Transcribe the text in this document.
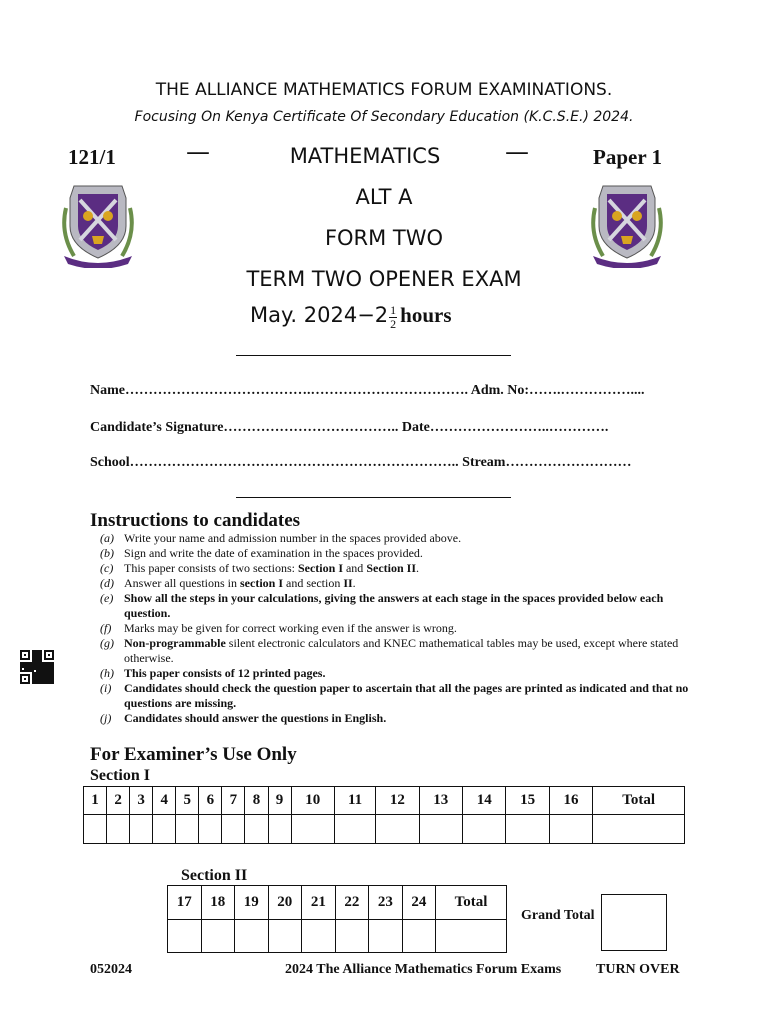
THE ALLIANCE MATHEMATICS FORUM EXAMINATIONS.
Focusing On Kenya Certificate Of Secondary Education (K.C.S.E.) 2024.
121/1	—	MATHEMATICS	—	Paper 1
ALT A
FORM TWO
TERM TWO OPENER EXAM
May. $2024-2 \frac{1}{2}$ hours
Name………………………………….……………………………. Adm. No:…….……………....
Candidate’s Signature……………………………….. Date……………………..………….
School…………………………………………………………….. Stream………………………
Instructions to candidates
(a) Write your name and admission number in the spaces provided above.
(b) Sign and write the date of examination in the spaces provided.
(c) This paper consists of two sections: Section I and Section II.
(d) Answer all questions in section I and section II.
(e) Show all the steps in your calculations, giving the answers at each stage in the spaces provided below each question.
(f)	Marks may be given for correct working even if the answer is wrong.
(g) Non-programmable silent electronic calculators and KNEC mathematical tables may be used, except where stated otherwise.
(h) This paper consists of 12 printed pages.
(i)	Candidates should check the question paper to ascertain that all the pages are printed as indicated and that no questions are missing.
(j)	Candidates should answer the questions in English.
For Examiner’s Use Only
Section I
1	2	3	4	5	6	7	8	9	10	11	12	13	14	15	16	Total

Section II
17	18	19	20	21	22	23	24	Total

Grand Total
052024	2024 The Alliance Mathematics Forum Exams TURN OVER
